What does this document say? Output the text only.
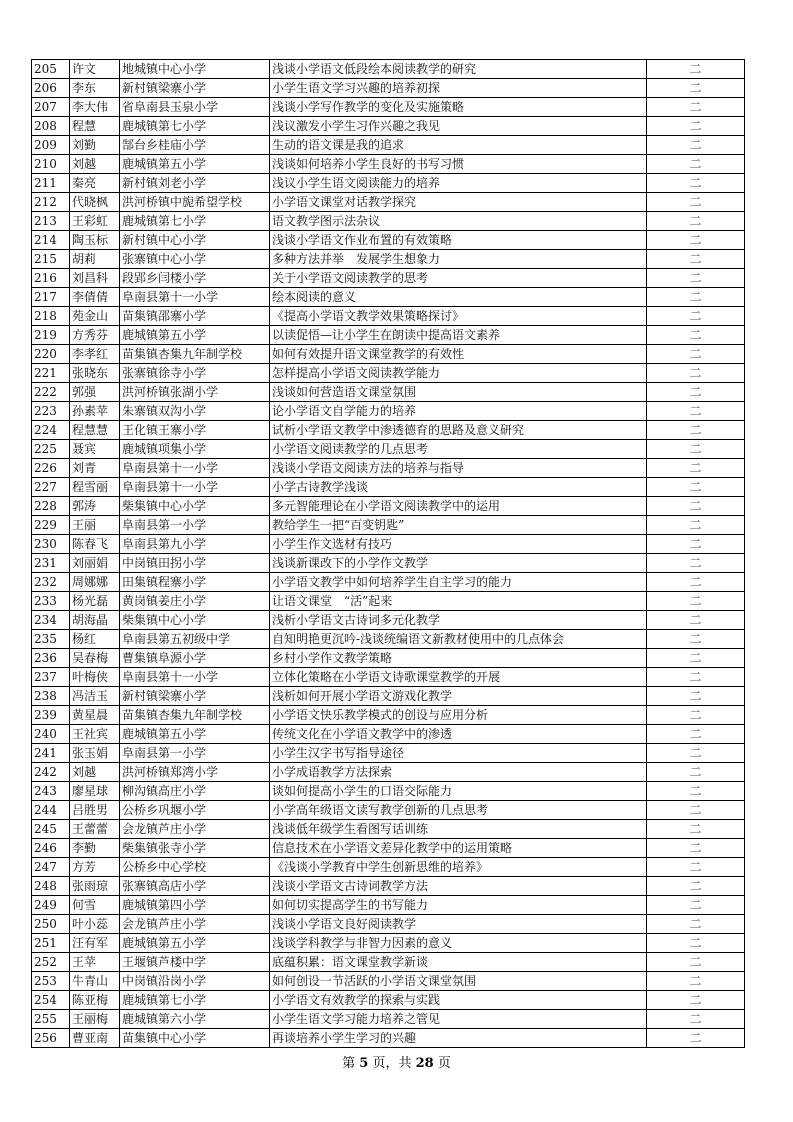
205	许文	地城镇中心小学	浅谈小学语文低段绘本阅读教学的研究	二
206	李东	新村镇梁寨小学	小学生语文学习兴趣的培养初探	二
207	李大伟	省阜南县玉泉小学	浅谈小学写作教学的变化及实施策略	二
208	程慧	鹿城镇第七小学	浅议激发小学生习作兴趣之我见	二
209	刘勤	郜台乡桂庙小学	生动的语文课是我的追求	二
210	刘越	鹿城镇第五小学	浅谈如何培养小学生良好的书写习惯	二
211	秦亮	新村镇刘老小学	浅议小学生语文阅读能力的培养	二
212	代晓枫	洪河桥镇中旎希望学校	小学语文课堂对话教学探究	二
213	王彩虹	鹿城镇第七小学	语文教学图示法杂议	二
214	陶玉标	新村镇中心小学	浅谈小学语文作业布置的有效策略	二
215	胡莉	张寨镇中心小学	多种方法并举　发展学生想象力	二
216	刘昌科	段郢乡闫楼小学	关于小学语文阅读教学的思考	二
217	李倩倩	阜南县第十一小学	绘本阅读的意义	二
218	苑金山	苗集镇邵寨小学	《提高小学语文教学效果策略探讨》	二
219	方秀芬	鹿城镇第五小学	以读促悟—让小学生在朗读中提高语文素养	二
220	李孝红	苗集镇杏集九年制学校	如何有效提升语文课堂教学的有效性	二
221	张晓东	张寨镇徐寺小学	怎样提高小学语文阅读教学能力	二
222	郭强	洪河桥镇张湖小学	浅谈如何营造语文课堂氛围	二
223	孙素苹	朱寨镇双沟小学	论小学语文自学能力的培养	二
224	程慧慧	王化镇王寨小学	试析小学语文教学中渗透德育的思路及意义研究	二
225	聂宾	鹿城镇项集小学	小学语文阅读教学的几点思考	二
226	刘青	阜南县第十一小学	浅谈小学语文阅读方法的培养与指导	二
227	程雪丽	阜南县第十一小学	小学古诗教学浅谈	二
228	郭涛	柴集镇中心小学	多元智能理论在小学语文阅读教学中的运用	二
229	王丽	阜南县第一小学	教给学生一把“百变钥匙”	二
230	陈春飞	阜南县第九小学	小学生作文选材有技巧	二
231	刘丽娟	中岗镇田拐小学	浅谈新课改下的小学作文教学	二
232	周娜娜	田集镇程寨小学	小学语文教学中如何培养学生自主学习的能力	二
233	杨光磊	黄岗镇姜庄小学	让语文课堂　“活”起来	二
234	胡海晶	柴集镇中心小学	浅析小学语文古诗词多元化教学	二
235	杨红	阜南县第五初级中学	自知明艳更沉吟-浅谈统编语文新教材使用中的几点体会	二
236	吴春梅	曹集镇阜源小学	乡村小学作文教学策略	二
237	叶梅侠	阜南县第十一小学	立体化策略在小学语文诗歌课堂教学的开展	二
238	冯洁玉	新村镇梁寨小学	浅析如何开展小学语文游戏化教学	二
239	黄星晨	苗集镇杏集九年制学校	小学语文快乐教学模式的创设与应用分析	二
240	王社宾	鹿城镇第五小学	传统文化在小学语文教学中的渗透	二
241	张玉娟	阜南县第一小学	小学生汉字书写指导途径	二
242	刘越	洪河桥镇郑湾小学	小学成语教学方法探索	二
243	廖星球	柳沟镇高庄小学	谈如何提高小学生的口语交际能力	二
244	吕胜男	公桥乡巩堰小学	小学高年级语文读写教学创新的几点思考	二
245	王蕾蕾	会龙镇芦庄小学	浅谈低年级学生看图写话训练	二
246	李勤	柴集镇张寺小学	信息技术在小学语文差异化教学中的运用策略	二
247	方芳	公桥乡中心学校	《浅谈小学教育中学生创新思维的培养》	二
248	张雨琼	张寨镇高店小学	浅谈小学语文古诗词教学方法	二
249	何雪	鹿城镇第四小学	如何切实提高学生的书写能力	二
250	叶小蕊	会龙镇芦庄小学	浅谈小学语文良好阅读教学	二
251	汪有军	鹿城镇第五小学	浅谈学科教学与非智力因素的意义	二
252	王苹	王堰镇芦楼中学	底蕴积累：语文课堂教学新谈	二
253	牛青山	中岗镇沿岗小学	如何创设一节活跃的小学语文课堂氛围	二
254	陈亚梅	鹿城镇第七小学	小学语文有效教学的探索与实践	二
255	王丽梅	鹿城镇第六小学	小学生语文学习能力培养之管见	二
256	曹亚南	苗集镇中心小学	再谈培养小学生学习的兴趣	二
第 5 页，共 28 页
